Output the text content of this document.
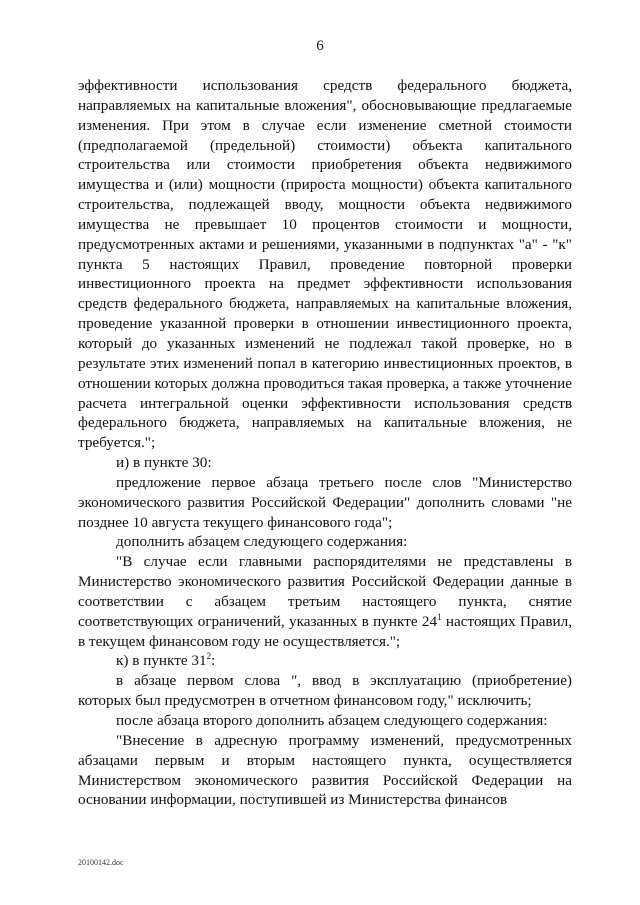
6

эффективности использования средств федерального бюджета, направляемых на капитальные вложения", обосновывающие предлагаемые изменения. При этом в случае если изменение сметной стоимости (предполагаемой (предельной) стоимости) объекта капитального строительства или стоимости приобретения объекта недвижимого имущества и (или) мощности (прироста мощности) объекта капитального строительства, подлежащей вводу, мощности объекта недвижимого имущества не превышает 10 процентов стоимости и мощности, предусмотренных актами и решениями, указанными в подпунктах "а" - "к" пункта 5 настоящих Правил, проведение повторной проверки инвестиционного проекта на предмет эффективности использования средств федерального бюджета, направляемых на капитальные вложения, проведение указанной проверки в отношении инвестиционного проекта, который до указанных изменений не подлежал такой проверке, но в результате этих изменений попал в категорию инвестиционных проектов, в отношении которых должна проводиться такая проверка, а также уточнение расчета интегральной оценки эффективности использования средств федерального бюджета, направляемых на капитальные вложения, не требуется.";

и) в пункте 30:

предложение первое абзаца третьего после слов "Министерство экономического развития Российской Федерации" дополнить словами "не позднее 10 августа текущего финансового года";

дополнить абзацем следующего содержания:

"В случае если главными распорядителями не представлены в Министерство экономического развития Российской Федерации данные в соответствии с абзацем третьим настоящего пункта, снятие соответствующих ограничений, указанных в пункте $24^1$ настоящих Правил, в текущем финансовом году не осуществляется.";

к) в пункте $31^2$:

в абзаце первом слова ", ввод в эксплуатацию (приобретение) которых был предусмотрен в отчетном финансовом году," исключить;

после абзаца второго дополнить абзацем следующего содержания:

"Внесение в адресную программу изменений, предусмотренных абзацами первым и вторым настоящего пункта, осуществляется Министерством экономического развития Российской Федерации на основании информации, поступившей из Министерства финансов

20100142.doc
